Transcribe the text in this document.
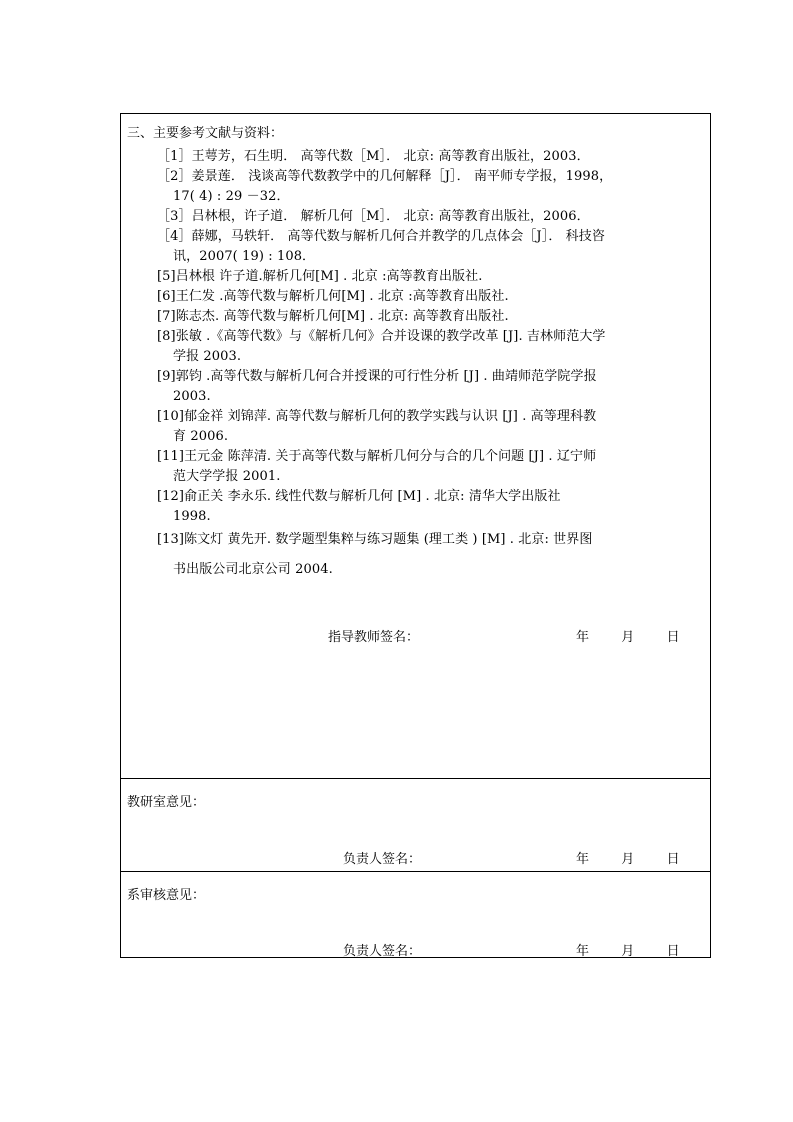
三、主要参考文献与资料：
［1］王萼芳，石生明． 高等代数［M］． 北京: 高等教育出版社，2003．
［2］姜景莲． 浅谈高等代数教学中的几何解释［J］． 南平师专学报，1998，
17( 4) : 29 －32．
［3］吕林根，许子道． 解析几何［M］． 北京: 高等教育出版社，2006．
［4］薛娜，马轶轩． 高等代数与解析几何合并教学的几点体会［J］． 科技咨
讯，2007( 19) : 108．
[5]吕林根 许子道.解析几何[M] . 北京 :高等教育出版社.
[6]王仁发 .高等代数与解析几何[M] . 北京 :高等教育出版社.
[7]陈志杰. 高等代数与解析几何[M] . 北京: 高等教育出版社.
[8]张敏 .《高等代数》与《解析几何》合并设课的教学改革 [J]. 吉林师范大学
学报 2003.
[9]郭钧 .高等代数与解析几何合并授课的可行性分析 [J] . 曲靖师范学院学报
2003.
[10]郁金祥 刘锦萍. 高等代数与解析几何的教学实践与认识 [J] . 高等理科教
育 2006.
[11]王元金 陈萍清. 关于高等代数与解析几何分与合的几个问题 [J] . 辽宁师
范大学学报 2001.
[12]俞正关 李永乐. 线性代数与解析几何 [M] . 北京: 清华大学出版社
1998.
[13]陈文灯 黄先开. 数学题型集粹与练习题集 (理工类 ) [M] . 北京: 世界图
书出版公司北京公司 2004.
指导教师签名：	年 月 日
教研室意见：
负责人签名：	年 月 日
系审核意见：
负责人签名：	年 月 日
